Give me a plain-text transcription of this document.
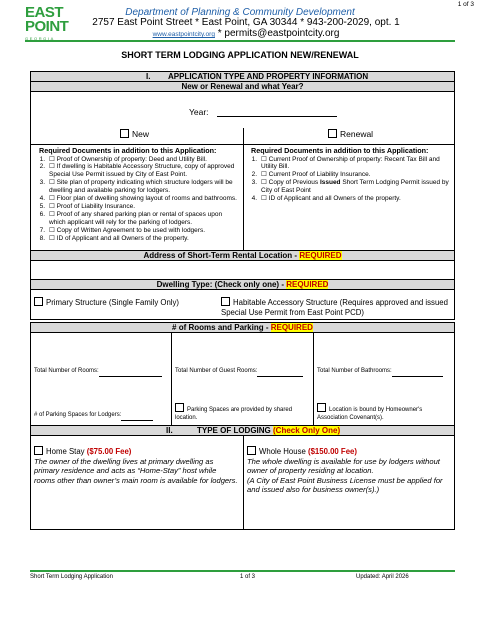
1 of 3
EAST
POINT
GEORGIA
Department of Planning & Community Development
2757 East Point Street * East Point, GA 30344 * 943-200-2029, opt. 1
www.eastpointcity.org * permits@eastpointcity.org
SHORT TERM LODGING APPLICATION NEW/RENEWAL
I. APPLICATION TYPE AND PROPERTY INFORMATION
New or Renewal and what Year?
Year:
New	Renewal
Required Documents in addition to this Application:
1. ☐ Proof of Ownership of property: Deed and Utility Bill.
2. ☐ If dwelling is Habitable Accessory Structure, copy of approved Special Use Permit issued by City of East Point.
3. ☐ Site plan of property indicating which structure lodgers will be dwelling and available parking for lodgers.
4. ☐ Floor plan of dwelling showing layout of rooms and bathrooms.
5. ☐ Proof of Liability Insurance.
6. ☐ Proof of any shared parking plan or rental of spaces upon which applicant will rely for the parking of lodgers.
7. ☐ Copy of Written Agreement to be used with lodgers.
8. ☐ ID of Applicant and all Owners of the property.
Required Documents in addition to this Application:
1. ☐ Current Proof of Ownership of property: Recent Tax Bill and Utility Bill.
2. ☐ Current Proof of Liability Insurance.
3. ☐ Copy of Previous Issued Short Term Lodging Permit issued by City of East Point
4. ☐ ID of Applicant and all Owners of the property.
Address of Short-Term Rental Location - REQUIRED
Dwelling Type: (Check only one) - REQUIRED
Primary Structure (Single Family Only)	Habitable Accessory Structure (Requires approved and issued Special Use Permit from East Point PCD)
# of Rooms and Parking - REQUIRED
Total Number of Rooms:	Total Number of Guest Rooms:	Total Number of Bathrooms:
# of Parking Spaces for Lodgers:
Parking Spaces are provided by shared location.
Location is bound by Homeowner's Association Covenant(s).
II.	TYPE OF LODGING (Check Only One)
Home Stay ($75.00 Fee)
The owner of the dwelling lives at primary dwelling as primary residence and acts as “Home-Stay” host while rooms other than owner’s main room is available for lodgers.
Whole House ($150.00 Fee)
The whole dwelling is available for use by lodgers without owner of property residing at location.
(A City of East Point Business License must be applied for and issued also for business owner(s).)
Short Term Lodging Application	1 of 3	Updated: April 2026
